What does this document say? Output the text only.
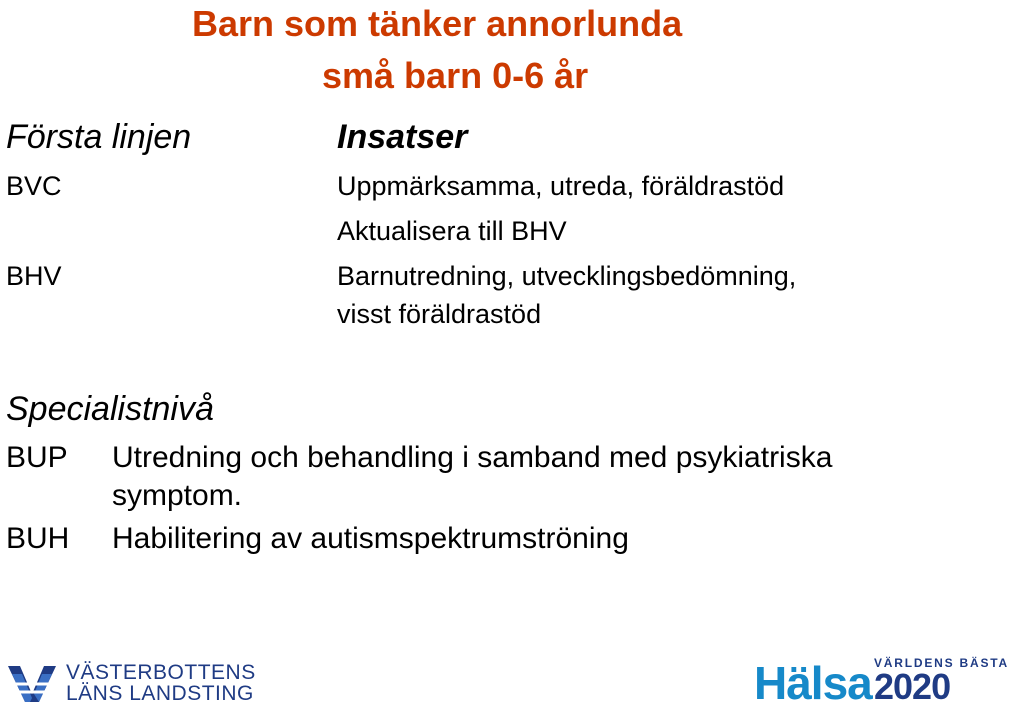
Barn som tänker annorlunda
små barn 0-6 år
Första linjen	Insatser
BVC	Uppmärksamma, utreda, föräldrastöd
Aktualisera till BHV
BHV	Barnutredning, utvecklingsbedömning,
visst föräldrastöd
Specialistnivå
BUP Utredning och behandling i samband med psykiatriska
symptom.
BUH Habilitering av autismspektrumströning
VÄSTERBOTTENS
LÄNS LANDSTING	Hälsa VÄRLDENS BÄSTA
2020
